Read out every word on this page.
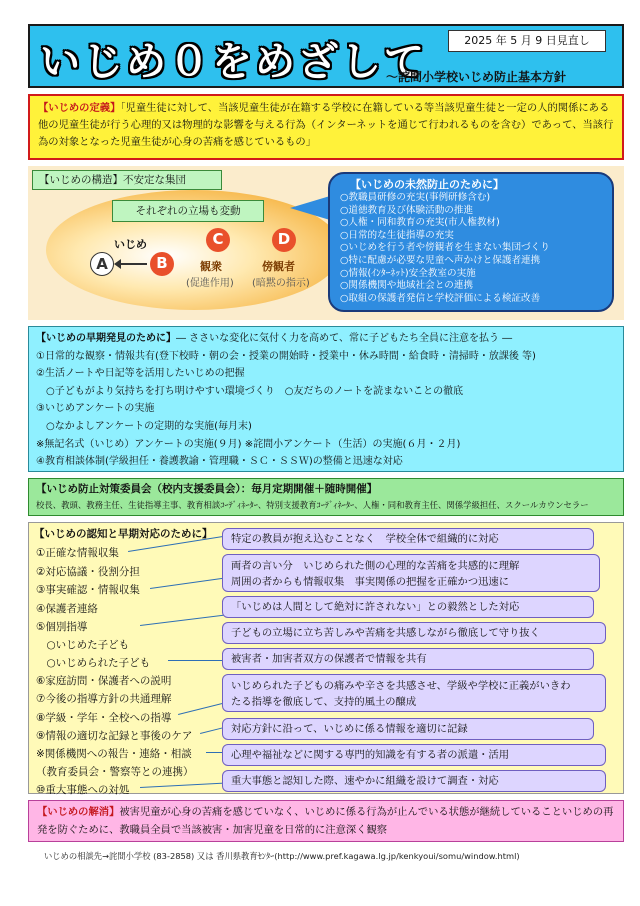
いじめ０をめざして	2025 年 5 月 9 日見直し
～詫間小学校いじめ防止基本方針
【いじめの定義】「児童生徒に対して、当該児童生徒が在籍する学校に在籍している等当該児童生徒と一定の人的関係にある他の児童生徒が行う心理的又は物理的な影響を与える行為（インターネットを通じて行われるものを含む）であって、当該行為の対象となった児童生徒が心身の苦痛を感じているもの」
【いじめの構造】不安定な集団
それぞれの立場も変動
いじめ
A	B
C	D
観衆
(促進作用)
傍観者
(暗黙の指示)
【いじめの未然防止のために】
○教職員研修の充実(事例研修含む)
○道徳教育及び体験活動の推進
○人権・同和教育の充実(市人権教材)
○日常的な生徒指導の充実
○いじめを行う者や傍観者を生まない集団づくり
○特に配慮が必要な児童へ声かけと保護者連携
○情報(ｲﾝﾀｰﾈｯﾄ)安全教室の実施
○関係機関や地域社会との連携
○取組の保護者発信と学校評価による検証改善
【いじめの早期発見のために】― ささいな変化に気付く力を高めて、常に子どもたち全員に注意を払う ―
①日常的な観察・情報共有(登下校時・朝の会・授業の開始時・授業中・休み時間・給食時・清掃時・放課後 等)
②生活ノートや日記等を活用したいじめの把握
　○子どもがより気持ちを打ち明けやすい環境づくり　○友だちのノートを読まないことの徹底
③いじめアンケートの実施
　○なかよしアンケートの定期的な実施(毎月末)
※無記名式（いじめ）アンケートの実施(９月) ※詫間小アンケート（生活）の実施(６月・２月)
④教育相談体制(学級担任・養護教諭・管理職・ＳＣ・ＳＳＷ)の整備と迅速な対応
【いじめ防止対策委員会（校内支援委員会）：毎月定期開催＋随時開催】
校長、教頭、教務主任、生徒指導主事、教育相談ｺｰﾃﾞｨﾈｰﾀｰ、特別支援教育ｺｰﾃﾞｨﾈｰﾀｰ、人権・同和教育主任、関係学級担任、スクールカウンセラー
【いじめの認知と早期対応のために】
①正確な情報収集
②対応協議・役割分担
③事実確認・情報収集
④保護者連絡
⑤個別指導
　○いじめた子ども
　○いじめられた子ども
⑥家庭訪問・保護者への説明
⑦今後の指導方針の共通理解
⑧学級・学年・全校への指導
⑨情報の適切な記録と事後のケア
※関係機関への報告・連絡・相談
（教育委員会・警察等との連携）
⑩重大事態への対処
特定の教員が抱え込むことなく　学校全体で組織的に対応
両者の言い分　いじめられた側の心理的な苦痛を共感的に理解
周囲の者からも情報収集　事実関係の把握を正確かつ迅速に
「いじめは人間として絶対に許されない」との毅然とした対応
子どもの立場に立ち苦しみや苦痛を共感しながら徹底して守り抜く
被害者・加害者双方の保護者で情報を共有
いじめられた子どもの痛みや辛さを共感させ、学級や学校に正義がいきわ
たる指導を徹底して、支持的風土の醸成
対応方針に沿って、いじめに係る情報を適切に記録
心理や福祉などに関する専門的知識を有する者の派遣・活用
重大事態と認知した際、速やかに組織を設けて調査・対応
【いじめの解消】被害児童が心身の苦痛を感じていなく、いじめに係る行為が止んでいる状態が継続していることいじめの再発を防ぐために、教職員全員で当該被害・加害児童を日常的に注意深く観察
いじめの相談先→詫間小学校 (83-2858) 又は 香川県教育ｾﾝﾀｰ(http://www.pref.kagawa.lg.jp/kenkyoui/somu/window.html)
